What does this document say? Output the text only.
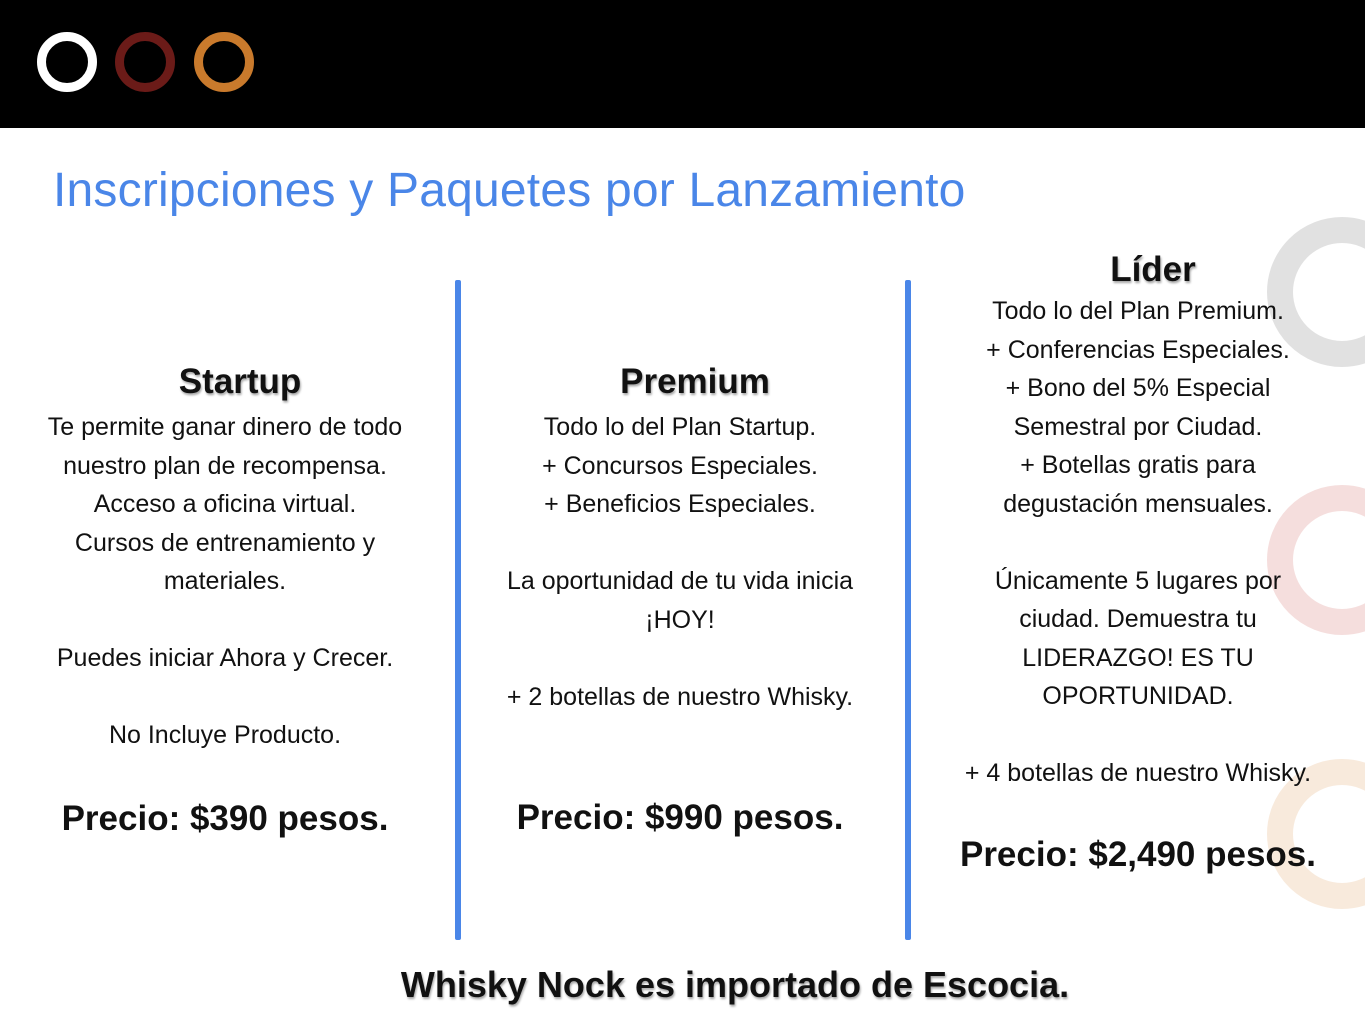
Inscripciones y Paquetes por Lanzamiento
Startup
Te permite ganar dinero de todo
nuestro plan de recompensa.
Acceso a oficina virtual.
Cursos de entrenamiento y
materiales.
Puedes iniciar Ahora y Crecer.
No Incluye Producto.
Precio: $390 pesos.
Premium
Todo lo del Plan Startup.
+ Concursos Especiales.
+ Beneficios Especiales.
La oportunidad de tu vida inicia
¡HOY!
+ 2 botellas de nuestro Whisky.
Precio: $990 pesos.
Líder
Todo lo del Plan Premium.
+ Conferencias Especiales.
+ Bono del 5% Especial
Semestral por Ciudad.
+ Botellas gratis para
degustación mensuales.
Únicamente 5 lugares por
ciudad. Demuestra tu
LIDERAZGO! ES TU
OPORTUNIDAD.
+ 4 botellas de nuestro Whisky.
Precio: $2,490 pesos.
Whisky Nock es importado de Escocia.
